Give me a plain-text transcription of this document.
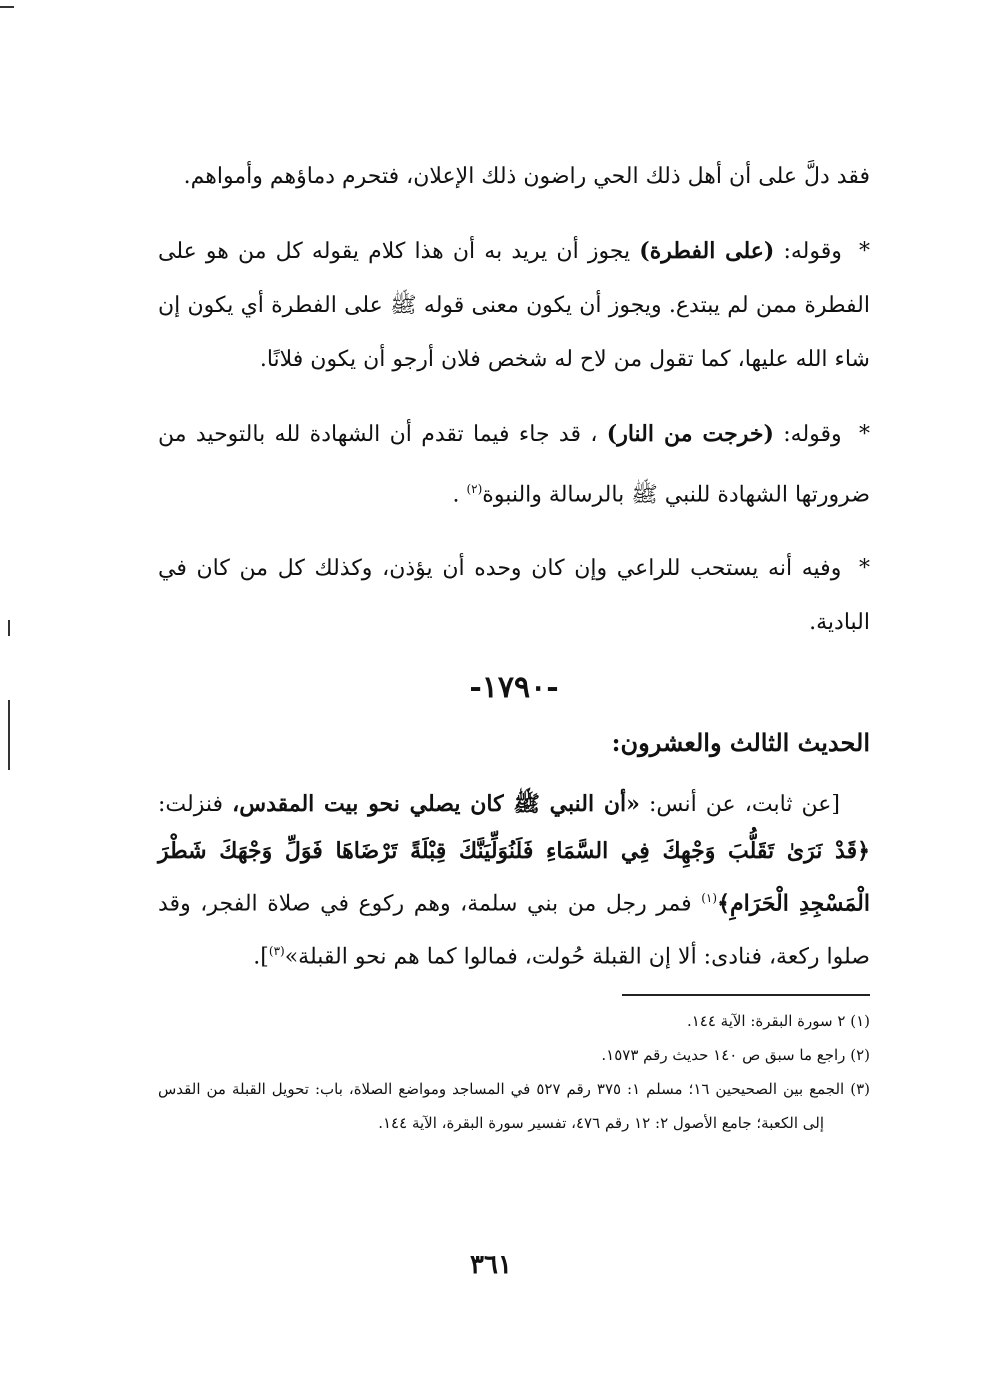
فقد دلَّ على أن أهل ذلك الحي راضون ذلك الإعلان، فتحرم دماؤهم وأمواهم.

* وقوله: (على الفطرة) يجوز أن يريد به أن هذا كلام يقوله كل من هو على الفطرة ممن لم يبتدع. ويجوز أن يكون معنى قوله ﷺ على الفطرة أي يكون إن شاء الله عليها، كما تقول من لاح له شخص فلان أرجو أن يكون فلانًا.

* وقوله: (خرجت من النار) ، قد جاء فيما تقدم أن الشهادة لله بالتوحيد من ضرورتها الشهادة للنبي ﷺ بالرسالة والنبوة$^{(٢)}$ .

* وفيه أنه يستحب للراعي وإن كان وحده أن يؤذن، وكذلك كل من كان في البادية.

-١٧٩٠-
الحديث الثالث والعشرون:

[عن ثابت، عن أنس: «أن النبي ﷺ كان يصلي نحو بيت المقدس، فنزلت: ﴿قَدْ نَرَىٰ تَقَلُّبَ وَجْهِكَ فِي السَّمَاءِ فَلَنُوَلِّيَنَّكَ قِبْلَةً تَرْضَاهَا فَوَلِّ وَجْهَكَ شَطْرَ الْمَسْجِدِ الْحَرَامِ﴾$^{(١)}$ فمر رجل من بني سلمة، وهم ركوع في صلاة الفجر، وقد صلوا ركعة، فنادى: ألا إن القبلة حُولت، فمالوا كما هم نحو القبلة»$^{(٣)}$].

(١) ٢ سورة البقرة: الآية ١٤٤.
(٢) راجع ما سبق ص ١٤٠ حديث رقم ١٥٧٣.
(٣) الجمع بين الصحيحين ١٦؛ مسلم ١: ٣٧٥ رقم ٥٢٧ في المساجد ومواضع الصلاة، باب: تحويل القبلة من القدس إلى الكعبة؛ جامع الأصول ٢: ١٢ رقم ٤٧٦، تفسير سورة البقرة، الآية ١٤٤.
٣٦١
